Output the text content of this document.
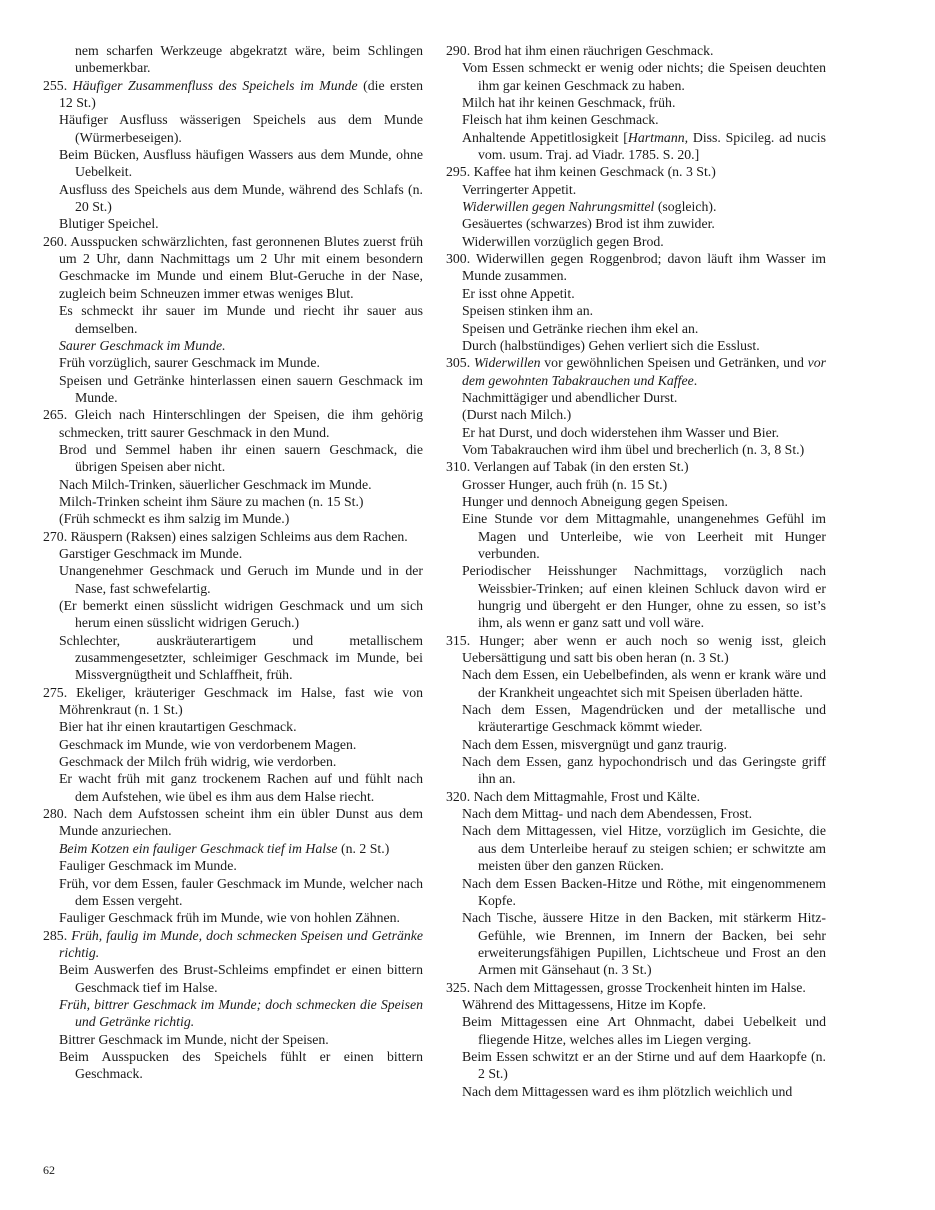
nem scharfen Werkzeuge abgekratzt wäre, beim Schlingen unbemerkbar.

255. Häufiger Zusammenfluss des Speichels im Munde (die ersten 12 St.)

Häufiger Ausfluss wässerigen Speichels aus dem Munde (Würmerbeseigen).

Beim Bücken, Ausfluss häufigen Wassers aus dem Munde, ohne Uebelkeit.

Ausfluss des Speichels aus dem Munde, während des Schlafs (n. 20 St.)

Blutiger Speichel.

260. Ausspucken schwärzlichten, fast geronnenen Blutes zuerst früh um 2 Uhr, dann Nachmittags um 2 Uhr mit einem besondern Geschmacke im Munde und einem Blut-Geruche in der Nase, zugleich beim Schneuzen immer etwas weniges Blut.

Es schmeckt ihr sauer im Munde und riecht ihr sauer aus demselben.

Saurer Geschmack im Munde.

Früh vorzüglich, saurer Geschmack im Munde.

Speisen und Getränke hinterlassen einen sauern Geschmack im Munde.

265. Gleich nach Hinterschlingen der Speisen, die ihm gehörig schmecken, tritt saurer Geschmack in den Mund.

Brod und Semmel haben ihr einen sauern Geschmack, die übrigen Speisen aber nicht.

Nach Milch-Trinken, säuerlicher Geschmack im Munde.

Milch-Trinken scheint ihm Säure zu machen (n. 15 St.)

(Früh schmeckt es ihm salzig im Munde.)

270. Räuspern (Raksen) eines salzigen Schleims aus dem Rachen.

Garstiger Geschmack im Munde.

Unangenehmer Geschmack und Geruch im Munde und in der Nase, fast schwefelartig.

(Er bemerkt einen süsslicht widrigen Geschmack und um sich herum einen süsslicht widrigen Geruch.)

Schlechter, auskräuterartigem und metallischem zusammengesetzter, schleimiger Geschmack im Munde, bei Missvergnügtheit und Schlaffheit, früh.

275. Ekeliger, kräuteriger Geschmack im Halse, fast wie von Möhrenkraut (n. 1 St.)

Bier hat ihr einen krautartigen Geschmack.

Geschmack im Munde, wie von verdorbenem Magen.

Geschmack der Milch früh widrig, wie verdorben.

Er wacht früh mit ganz trockenem Rachen auf und fühlt nach dem Aufstehen, wie übel es ihm aus dem Halse riecht.

280. Nach dem Aufstossen scheint ihm ein übler Dunst aus dem Munde anzuriechen.

Beim Kotzen ein fauliger Geschmack tief im Halse (n. 2 St.)

Fauliger Geschmack im Munde.

Früh, vor dem Essen, fauler Geschmack im Munde, welcher nach dem Essen vergeht.

Fauliger Geschmack früh im Munde, wie von hohlen Zähnen.

285. Früh, faulig im Munde, doch schmecken Speisen und Getränke richtig.

Beim Auswerfen des Brust-Schleims empfindet er einen bittern Geschmack tief im Halse.

Früh, bittrer Geschmack im Munde; doch schmecken die Speisen und Getränke richtig.

Bittrer Geschmack im Munde, nicht der Speisen.

Beim Ausspucken des Speichels fühlt er einen bittern Geschmack.

290. Brod hat ihm einen räuchrigen Geschmack.

Vom Essen schmeckt er wenig oder nichts; die Speisen deuchten ihm gar keinen Geschmack zu haben.

Milch hat ihr keinen Geschmack, früh.

Fleisch hat ihm keinen Geschmack.

Anhaltende Appetitlosigkeit [Hartmann, Diss. Spicileg. ad nucis vom. usum. Traj. ad Viadr. 1785. S. 20.]

295. Kaffee hat ihm keinen Geschmack (n. 3 St.)

Verringerter Appetit.

Widerwillen gegen Nahrungsmittel (sogleich).

Gesäuertes (schwarzes) Brod ist ihm zuwider.

Widerwillen vorzüglich gegen Brod.

300. Widerwillen gegen Roggenbrod; davon läuft ihm Wasser im Munde zusammen.

Er isst ohne Appetit.

Speisen stinken ihm an.

Speisen und Getränke riechen ihm ekel an.

Durch (halbstündiges) Gehen verliert sich die Esslust.

305. Widerwillen vor gewöhnlichen Speisen und Getränken, und vor dem gewohnten Tabakrauchen und Kaffee.

Nachmittägiger und abendlicher Durst.

(Durst nach Milch.)

Er hat Durst, und doch widerstehen ihm Wasser und Bier.

Vom Tabakrauchen wird ihm übel und brecherlich (n. 3, 8 St.)

310. Verlangen auf Tabak (in den ersten St.)

Grosser Hunger, auch früh (n. 15 St.)

Hunger und dennoch Abneigung gegen Speisen.

Eine Stunde vor dem Mittagmahle, unangenehmes Gefühl im Magen und Unterleibe, wie von Leerheit mit Hunger verbunden.

Periodischer Heisshunger Nachmittags, vorzüglich nach Weissbier-Trinken; auf einen kleinen Schluck davon wird er hungrig und übergeht er den Hunger, ohne zu essen, so ist’s ihm, als wenn er ganz satt und voll wäre.

315. Hunger; aber wenn er auch noch so wenig isst, gleich Uebersättigung und satt bis oben heran (n. 3 St.)

Nach dem Essen, ein Uebelbefinden, als wenn er krank wäre und der Krankheit ungeachtet sich mit Speisen überladen hätte.

Nach dem Essen, Magendrücken und der metallische und kräuterartige Geschmack kömmt wieder.

Nach dem Essen, misvergnügt und ganz traurig.

Nach dem Essen, ganz hypochondrisch und das Geringste griff ihn an.

320. Nach dem Mittagmahle, Frost und Kälte.

Nach dem Mittag- und nach dem Abendessen, Frost.

Nach dem Mittagessen, viel Hitze, vorzüglich im Gesichte, die aus dem Unterleibe herauf zu steigen schien; er schwitzte am meisten über den ganzen Rücken.

Nach dem Essen Backen-Hitze und Röthe, mit eingenommenem Kopfe.

Nach Tische, äussere Hitze in den Backen, mit stärkerm Hitz-Gefühle, wie Brennen, im Innern der Backen, bei sehr erweiterungsfähigen Pupillen, Lichtscheue und Frost an den Armen mit Gänsehaut (n. 3 St.)

325. Nach dem Mittagessen, grosse Trockenheit hinten im Halse.

Während des Mittagessens, Hitze im Kopfe.

Beim Mittagessen eine Art Ohnmacht, dabei Uebelkeit und fliegende Hitze, welches alles im Liegen verging.

Beim Essen schwitzt er an der Stirne und auf dem Haarkopfe (n. 2 St.)

Nach dem Mittagessen ward es ihm plötzlich weichlich und

62
